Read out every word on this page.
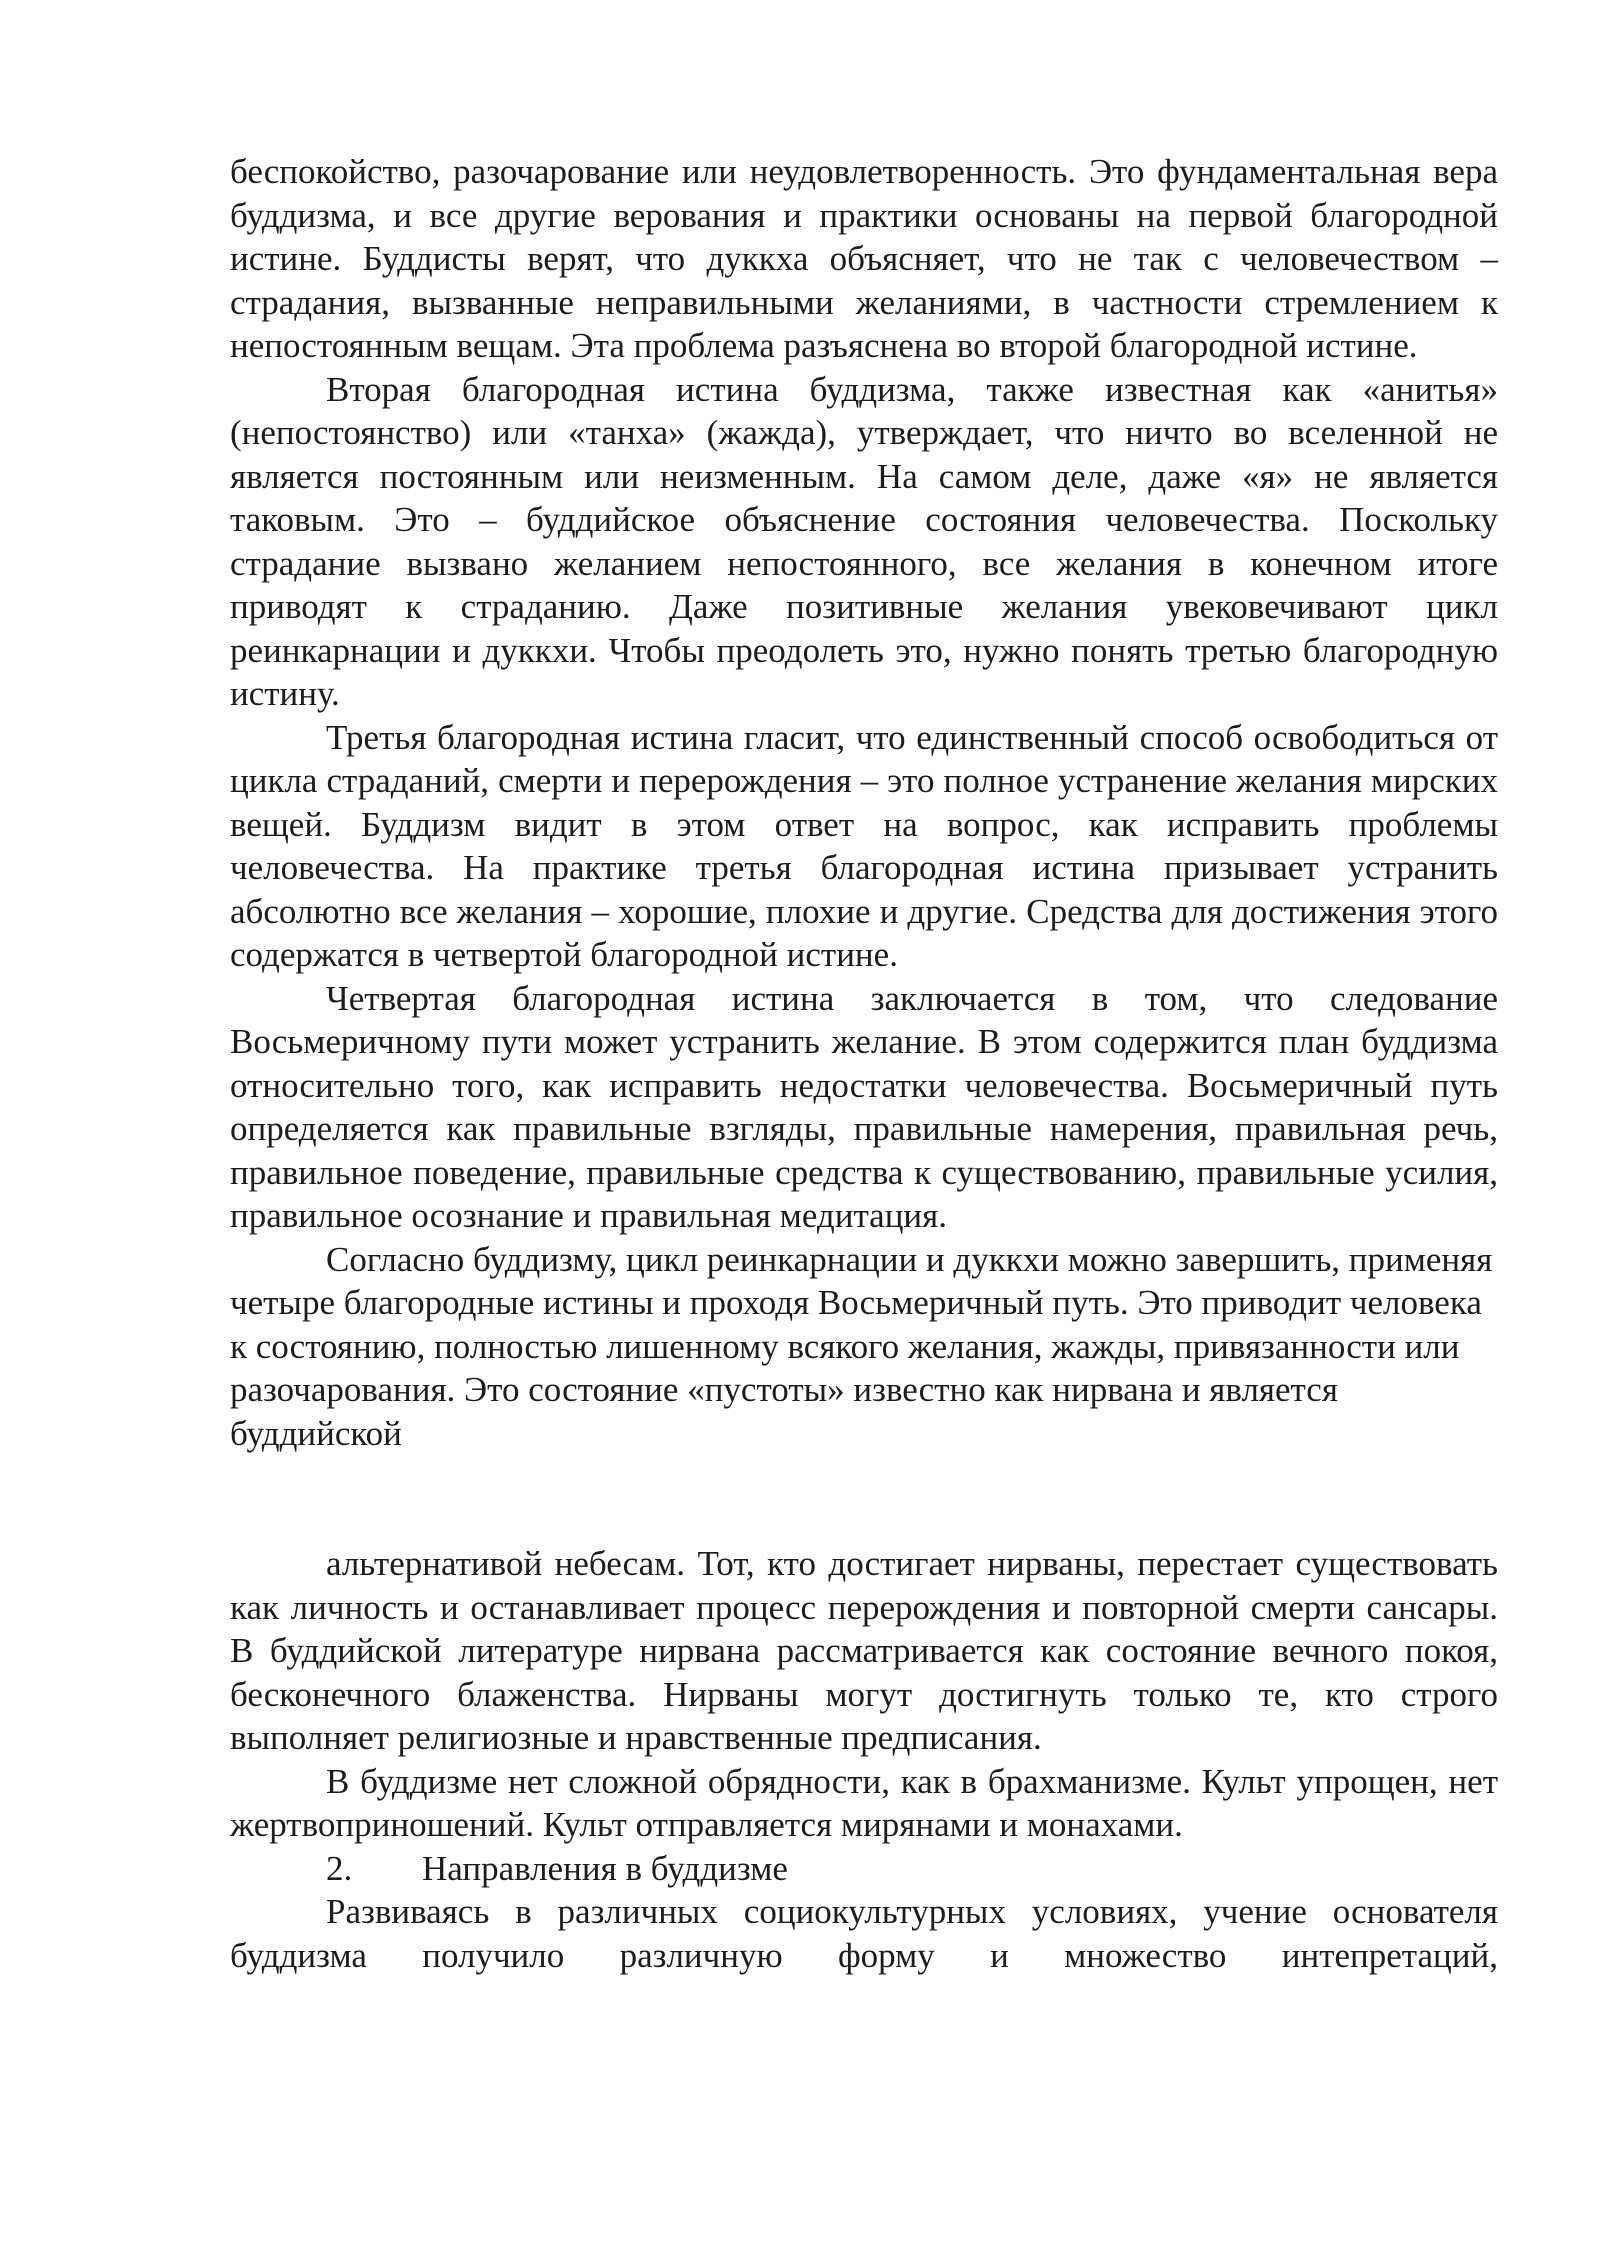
беспокойство, разочарование или неудовлетворенность. Это фундаментальная вера буддизма, и все другие верования и практики основаны на первой благородной истине. Буддисты верят, что дуккха объясняет, что не так с человечеством – страдания, вызванные неправильными желаниями, в частности стремлением к непостоянным вещам. Эта проблема разъяснена во второй благородной истине.

Вторая благородная истина буддизма, также известная как «анитья» (непостоянство) или «танха» (жажда), утверждает, что ничто во вселенной не является постоянным или неизменным. На самом деле, даже «я» не является таковым. Это – буддийское объяснение состояния человечества. Поскольку страдание вызвано желанием непостоянного, все желания в конечном итоге приводят к страданию. Даже позитивные желания увековечивают цикл реинкарнации и дуккхи. Чтобы преодолеть это, нужно понять третью благородную истину.

Третья благородная истина гласит, что единственный способ освободиться от цикла страданий, смерти и перерождения – это полное устранение желания мирских вещей. Буддизм видит в этом ответ на вопрос, как исправить проблемы человечества. На практике третья благородная истина призывает устранить абсолютно все желания – хорошие, плохие и другие. Средства для достижения этого содержатся в четвертой благородной истине.

Четвертая благородная истина заключается в том, что следование Восьмеричному пути может устранить желание. В этом содержится план буддизма относительно того, как исправить недостатки человечества. Восьмеричный путь определяется как правильные взгляды, правильные намерения, правильная речь, правильное поведение, правильные средства к существованию, правильные усилия, правильное осознание и правильная медитация.

Согласно буддизму, цикл реинкарнации и дуккхи можно завершить, применяя четыре благородные истины и проходя Восьмеричный путь. Это приводит человека к состоянию, полностью лишенному всякого желания, жажды, привязанности или разочарования. Это состояние «пустоты» известно как нирвана и является буддийской

альтернативой небесам. Тот, кто достигает нирваны, перестает существовать как личность и останавливает процесс перерождения и повторной смерти сансары. В буддийской литературе нирвана рассматривается как состояние вечного покоя, бесконечного блаженства. Нирваны могут достигнуть только те, кто строго выполняет религиозные и нравственные предписания.

В буддизме нет сложной обрядности, как в брахманизме. Культ упрощен, нет жертвоприношений. Культ отправляется мирянами и монахами.

2. Направления в буддизме

Развиваясь в различных социокультурных условиях, учение основателя буддизма получило различную форму и множество интепретаций,
